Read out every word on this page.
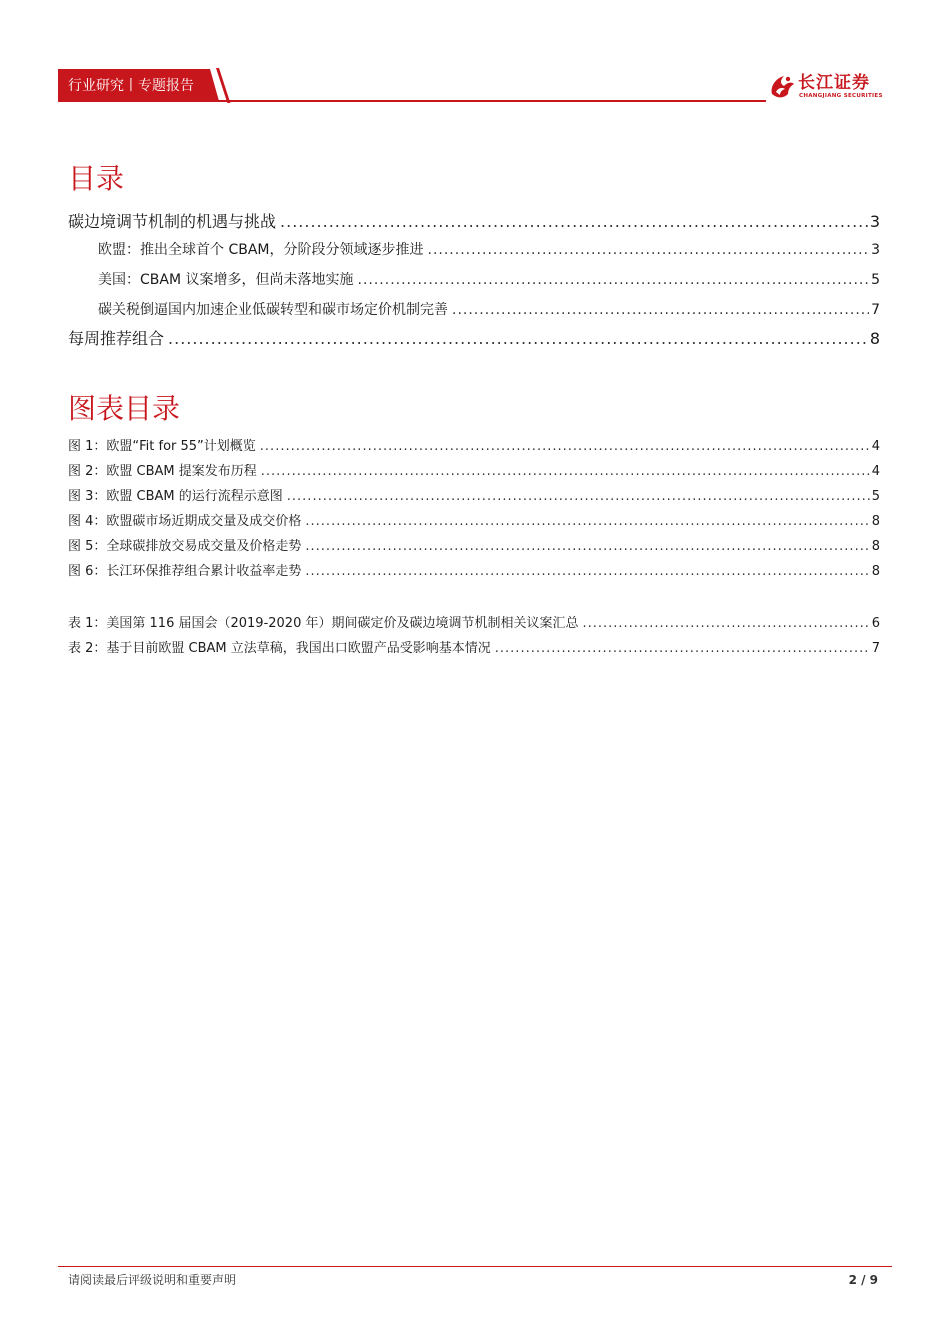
行业研究丨专题报告	长江证券
CHANGJIANG SECURITIES
目录
碳边境调节机制的机遇与挑战 .....	3
欧盟：推出全球首个 CBAM，分阶段分领域逐步推进 .....	3
美国：CBAM 议案增多，但尚未落地实施 .....	5
碳关税倒逼国内加速企业低碳转型和碳市场定价机制完善 .....	7
每周推荐组合 .....	8
图表目录
图 1：欧盟“Fit for 55”计划概览 .....	4
图 2：欧盟 CBAM 提案发布历程 .....	4
图 3：欧盟 CBAM 的运行流程示意图 .....	5
图 4：欧盟碳市场近期成交量及成交价格 .....	8
图 5：全球碳排放交易成交量及价格走势 .....	8
图 6：长江环保推荐组合累计收益率走势 .....	8
表 1：美国第 116 届国会（2019-2020 年）期间碳定价及碳边境调节机制相关议案汇总 .....	6
表 2：基于目前欧盟 CBAM 立法草稿，我国出口欧盟产品受影响基本情况 .....	7
请阅读最后评级说明和重要声明	2 / 9
